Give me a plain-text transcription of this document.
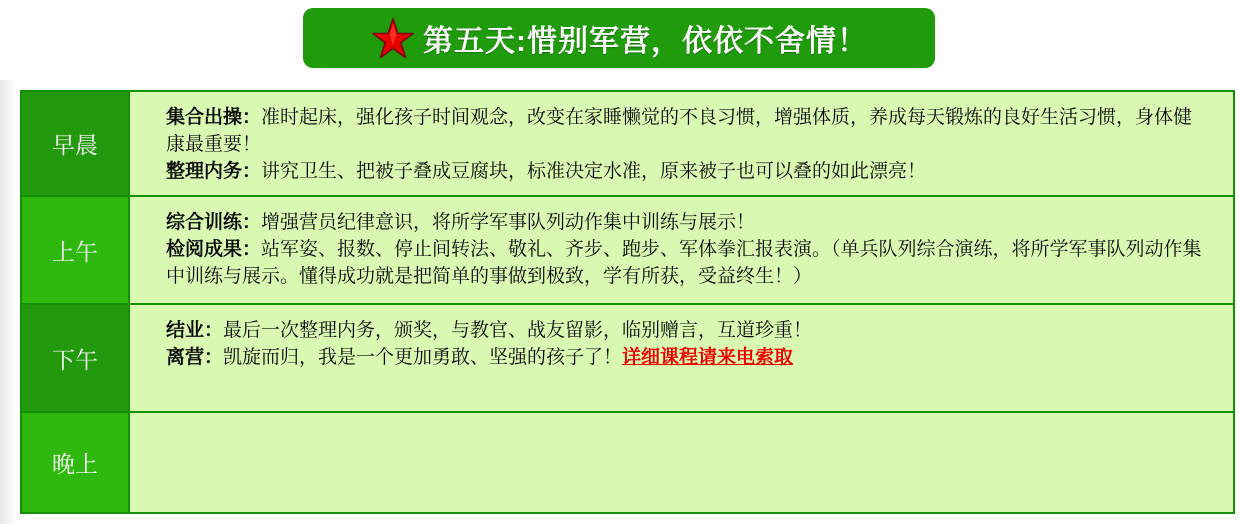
第五天:惜别军营，依依不舍情！
早晨

集合出操：准时起床，强化孩子时间观念，改变在家睡懒觉的不良习惯，增强体质，养成每天锻炼的良好生活习惯，身体健康最重要！

整理内务：讲究卫生、把被子叠成豆腐块，标准决定水准，原来被子也可以叠的如此漂亮！

上午

综合训练：增强营员纪律意识，将所学军事队列动作集中训练与展示！

检阅成果：站军姿、报数、停止间转法、敬礼、齐步、跑步、军体拳汇报表演。（单兵队列综合演练，将所学军事队列动作集中训练与展示。懂得成功就是把简单的事做到极致，学有所获，受益终生！）

下午

结业：最后一次整理内务，颁奖，与教官、战友留影，临别赠言，互道珍重！

离营：凯旋而归，我是一个更加勇敢、坚强的孩子了！详细课程请来电索取

晚上
